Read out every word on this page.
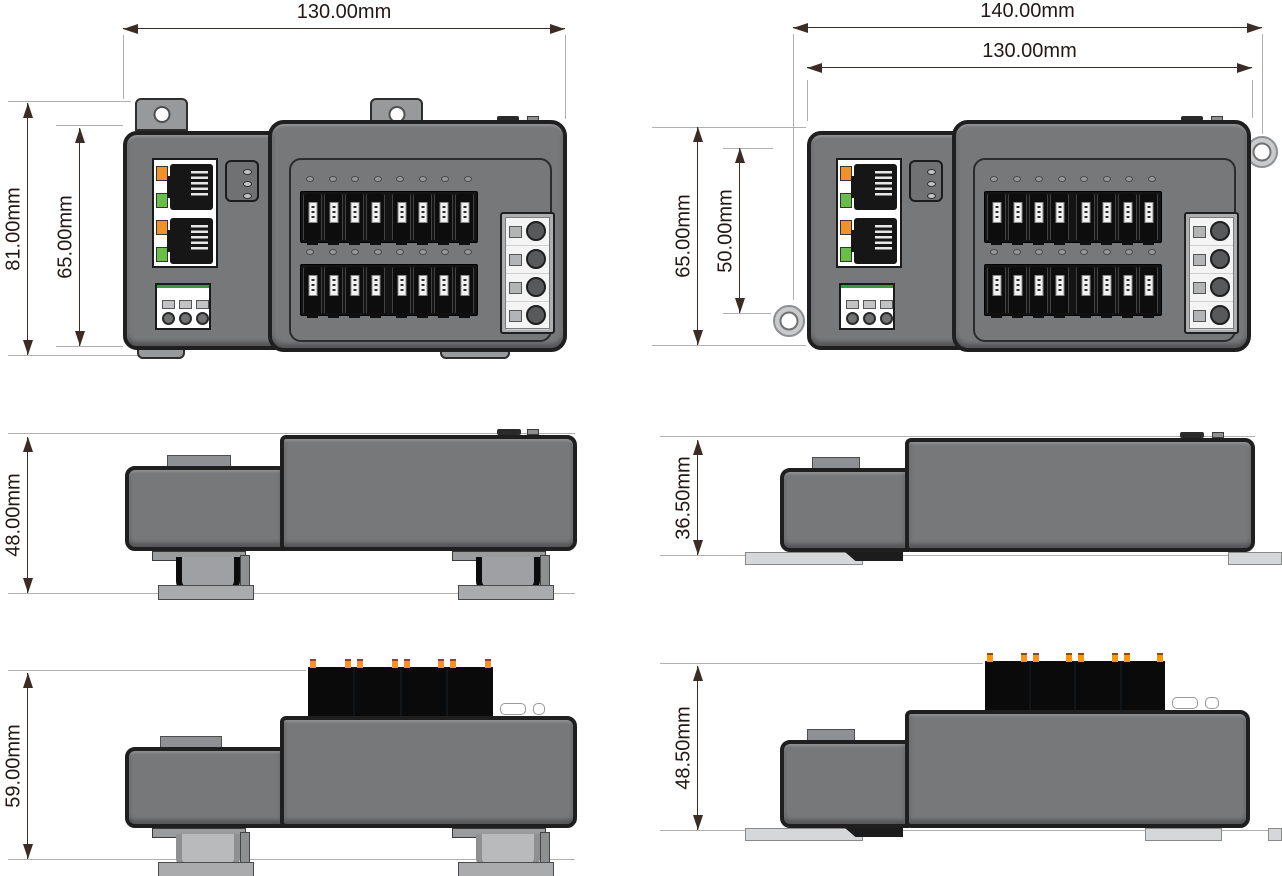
130.00mm
81.00mm 65.00mm
140.00mm
130.00mm
65.00mm 50.00mm
48.00mm	36.50mm
59.00mm	48.50mm
